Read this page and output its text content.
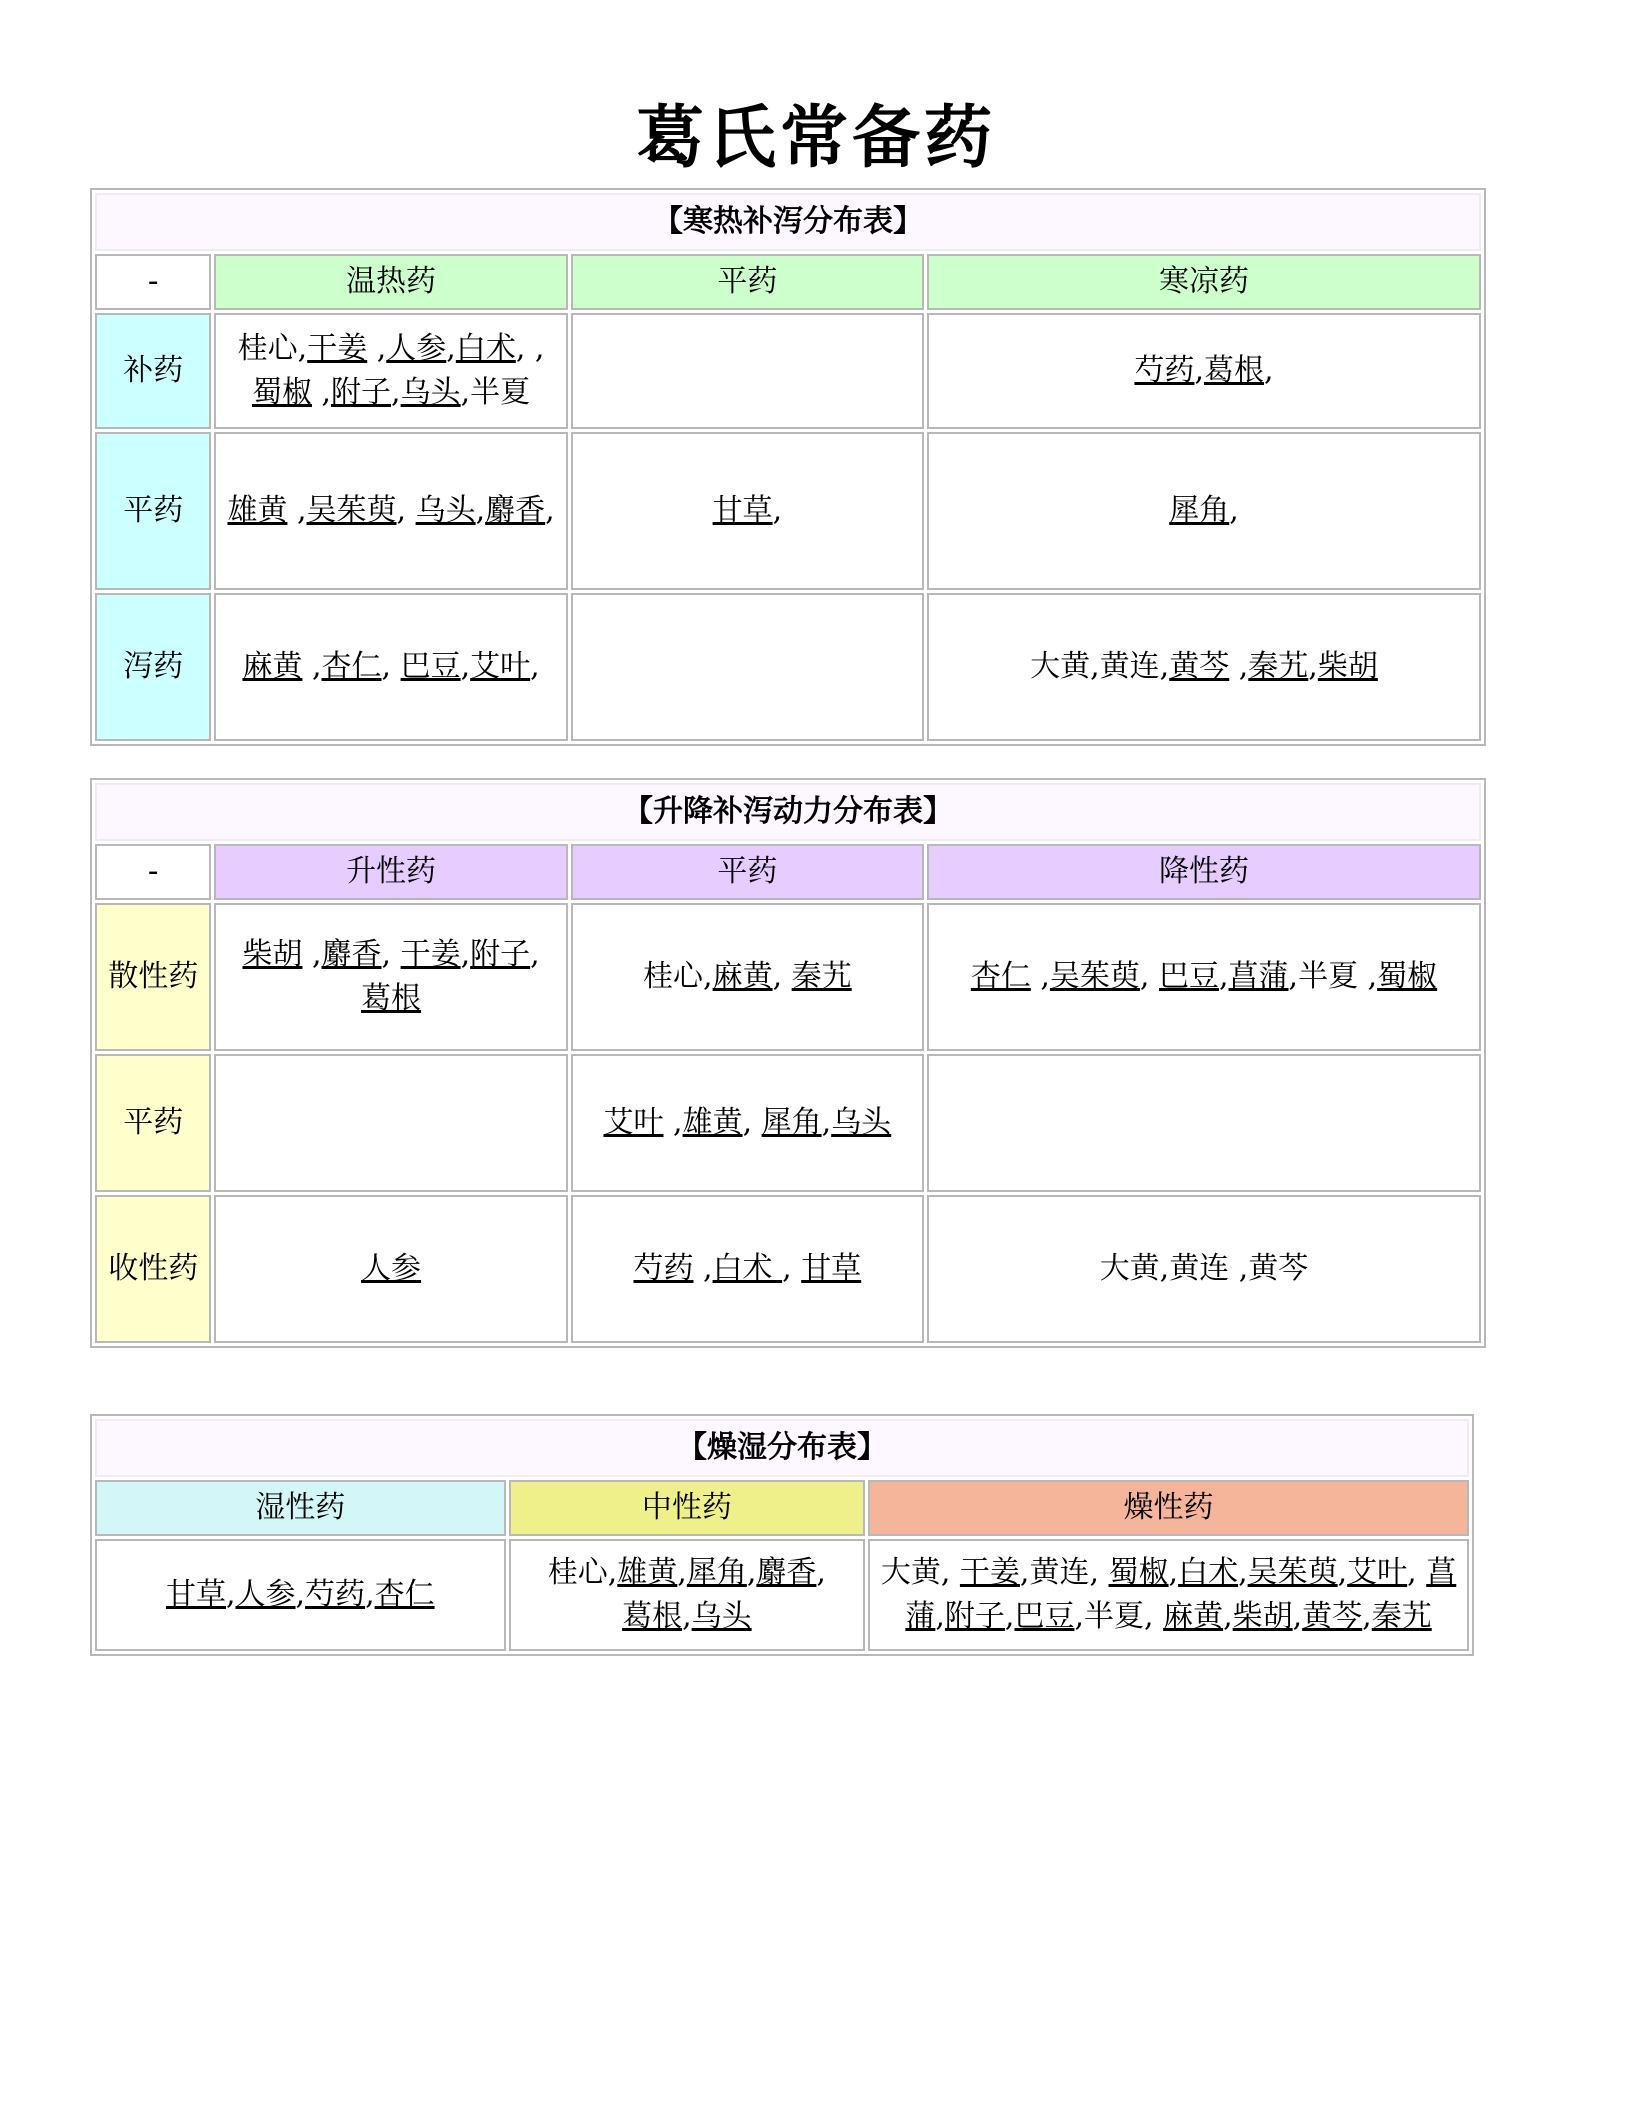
葛氏常备药
【寒热补泻分布表】			
-	温热药	平药	寒凉药
补药	桂心,干姜 ,人参,白术, ,蜀椒 ,附子,乌头,半夏		芍药,葛根,
平药	雄黄 ,吴茱萸, 乌头,麝香,	甘草,	犀角,
泻药	麻黄 ,杏仁, 巴豆,艾叶,		大黄,黄连,黄芩 ,秦艽,柴胡
【升降补泻动力分布表】			
-	升性药	平药	降性药
散性药	柴胡 ,麝香, 干姜,附子, 葛根	桂心,麻黄, 秦艽	杏仁 ,吴茱萸, 巴豆,菖蒲,半夏 ,蜀椒
平药		艾叶 ,雄黄, 犀角,乌头	
收性药	人参	芍药 ,白术 , 甘草	大黄,黄连 ,黄芩
【燥湿分布表】		
湿性药	中性药	燥性药
甘草,人参,芍药,杏仁	桂心,雄黄,犀角,麝香, 葛根,乌头	大黄, 干姜,黄连, 蜀椒,白术,吴茱萸,艾叶, 菖蒲,附子,巴豆,半夏, 麻黄,柴胡,黄芩,秦艽
